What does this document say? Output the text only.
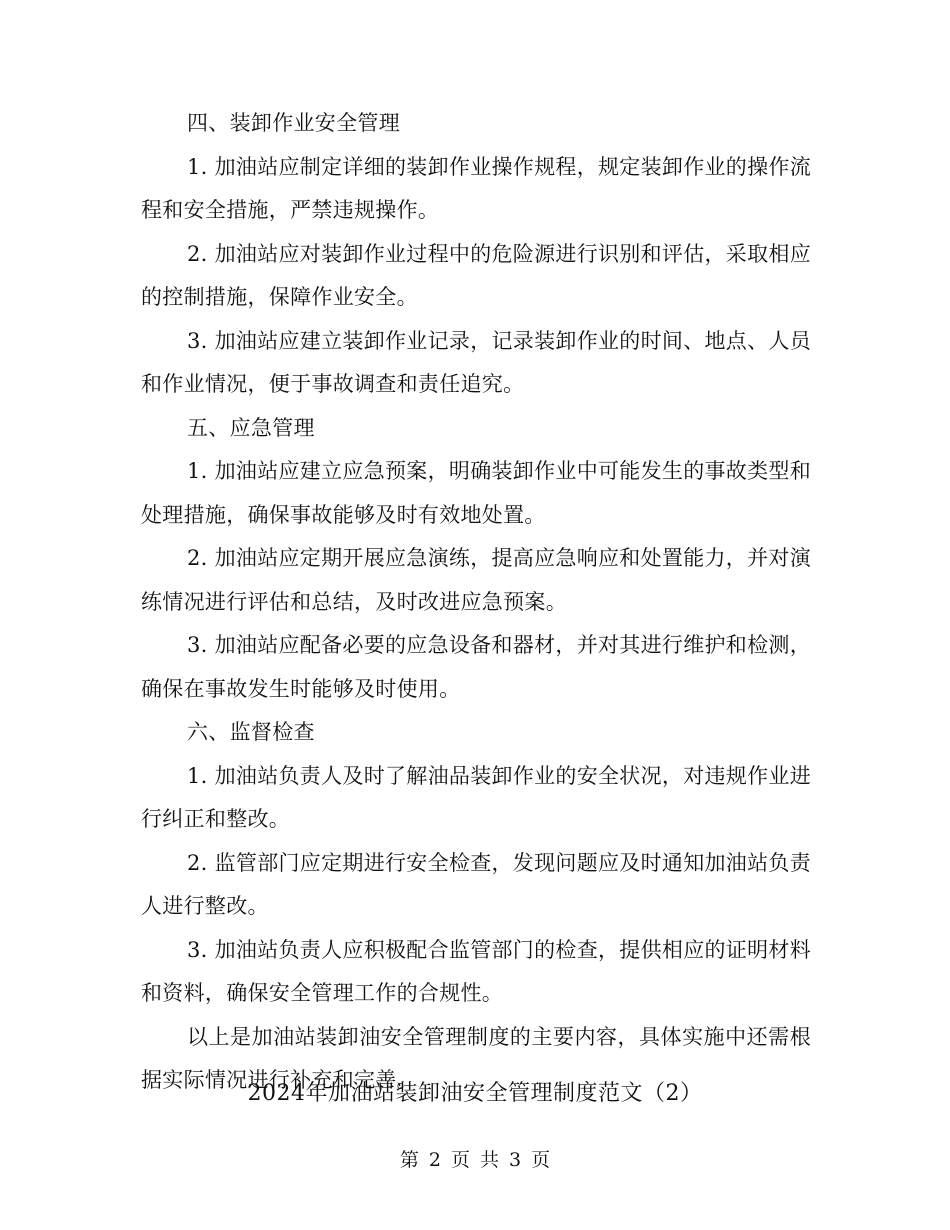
四、装卸作业安全管理

1. 加油站应制定详细的装卸作业操作规程，规定装卸作业的操作流程和安全措施，严禁违规操作。

2. 加油站应对装卸作业过程中的危险源进行识别和评估，采取相应的控制措施，保障作业安全。

3. 加油站应建立装卸作业记录，记录装卸作业的时间、地点、人员和作业情况，便于事故调查和责任追究。

五、应急管理

1. 加油站应建立应急预案，明确装卸作业中可能发生的事故类型和处理措施，确保事故能够及时有效地处置。

2. 加油站应定期开展应急演练，提高应急响应和处置能力，并对演练情况进行评估和总结，及时改进应急预案。

3. 加油站应配备必要的应急设备和器材，并对其进行维护和检测，确保在事故发生时能够及时使用。

六、监督检查

1. 加油站负责人及时了解油品装卸作业的安全状况，对违规作业进行纠正和整改。

2. 监管部门应定期进行安全检查，发现问题应及时通知加油站负责人进行整改。

3. 加油站负责人应积极配合监管部门的检查，提供相应的证明材料和资料，确保安全管理工作的合规性。

以上是加油站装卸油安全管理制度的主要内容，具体实施中还需根据实际情况进行补充和完善。

2024年加油站装卸油安全管理制度范文（2）

第 2 页 共 3 页
